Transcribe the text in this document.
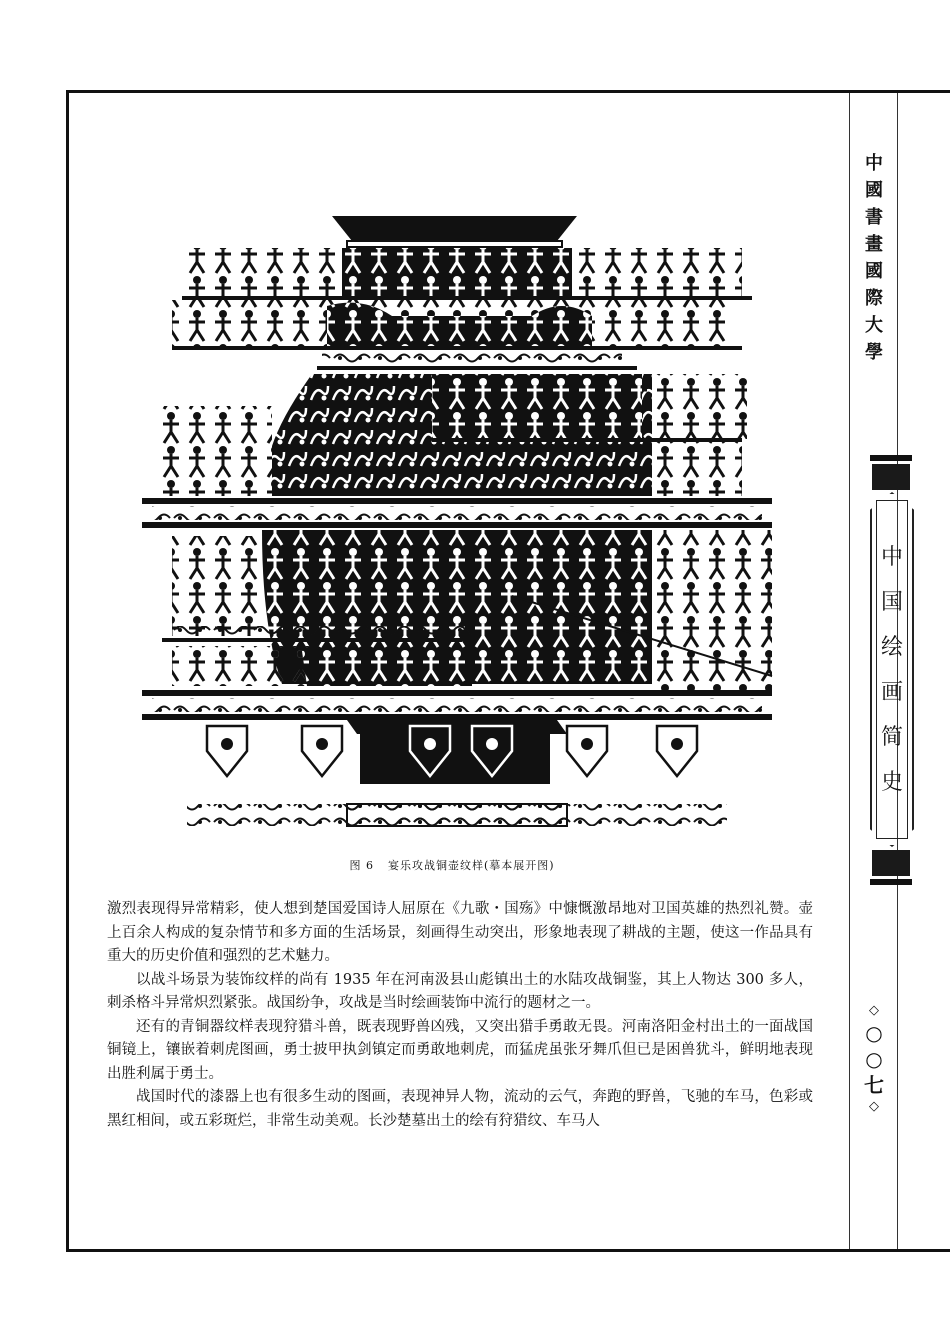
中
國
書
畫
國
際
大
學
中
国
绘
画
简
史
◇
○
○
七
◇
图 6 宴乐攻战铜壶纹样(摹本展开图)

激烈表现得异常精彩，使人想到楚国爱国诗人屈原在《九歌・国殇》中慷慨激昂地对卫国英雄的热烈礼赞。壶上百余人构成的复杂情节和多方面的生活场景，刻画得生动突出，形象地表现了耕战的主题，使这一作品具有重大的历史价值和强烈的艺术魅力。

以战斗场景为装饰纹样的尚有 1935 年在河南汲县山彪镇出土的水陆攻战铜鉴，其上人物达 300 多人，刺杀格斗异常炽烈紧张。战国纷争，攻战是当时绘画装饰中流行的题材之一。

还有的青铜器纹样表现狩猎斗兽，既表现野兽凶残，又突出猎手勇敢无畏。河南洛阳金村出土的一面战国铜镜上，镶嵌着刺虎图画，勇士披甲执剑镇定而勇敢地刺虎，而猛虎虽张牙舞爪但已是困兽犹斗，鲜明地表现出胜利属于勇士。

战国时代的漆器上也有很多生动的图画，表现神异人物，流动的云气，奔跑的野兽，飞驰的车马，色彩或黑红相间，或五彩斑烂，非常生动美观。长沙楚墓出土的绘有狩猎纹、车马人
